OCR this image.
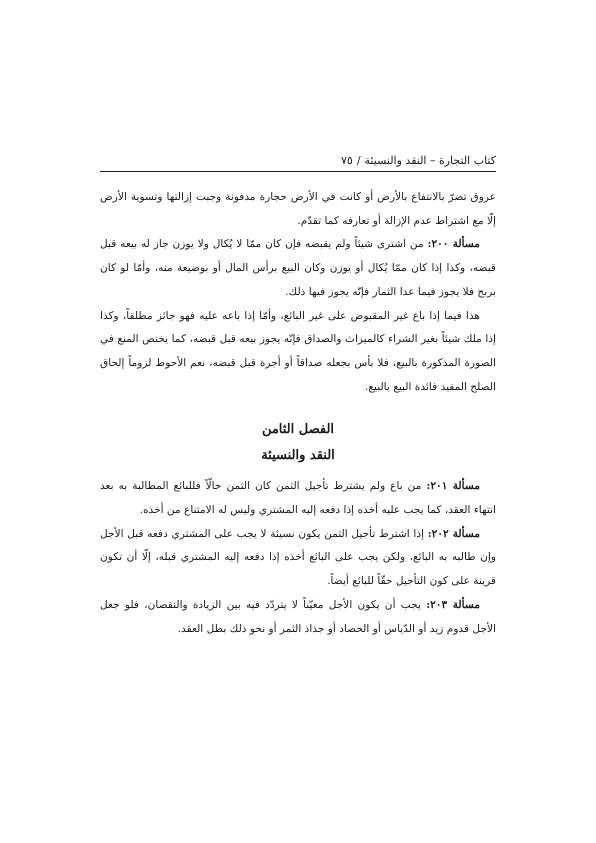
كتاب التجارة – النقد والنسيئة
/
٧٥

عروق تضرّ بالانتفاع بالأرض أو كانت في الأرض حجارة مدفونة وجبت إزالتها وتسوية الأرض إلّا مع اشتراط عدم الإزالة أو تعارفه كما تقدّم.

مسألة ٢٠٠: من اشترى شيئاً ولم يقبضه فإن كان ممّا لا يُكال ولا يوزن جاز له بيعه قبل قبضه، وكذا إذا كان ممّا يُكال أو يوزن وكان البيع برأس المال أو بوضيعة منه، وأمّا لو كان بربح فلا يجوز فيما عدا الثمار فإنّه يجوز فيها ذلك.

هذا فيما إذا باع غير المقبوض على غير البائع، وأمّا إذا باعه عليه فهو جائز مطلقاً، وكذا إذا ملك شيئاً بغير الشراء كالميراث والصداق فإنّه يجوز بيعه قبل قبضه، كما يختص المنع في الصورة المذكورة بالبيع، فلا بأس بجعله صداقاً أو أجرة قبل قبضه، نعم الأحوط لزوماً إلحاق الصلح المفيد فائدة البيع بالبيع.

الفصل الثامن
النقد والنسيئة

مسألة ٢٠١: من باع ولم يشترط تأجيل الثمن كان الثمن حالّاً فللبائع المطالبة به بعد انتهاء العقد، كما يجب عليه أخذه إذا دفعه إليه المشتري وليس له الامتناع من أخذه.

مسألة ٢٠٢: إذا اشترط تأجيل الثمن يكون نسيئة لا يجب على المشتري دفعه قبل الأجل وإن طالبه به البائع، ولكن يجب على البائع أخذه إذا دفعه إليه المشتري قبله، إلّا أن تكون قرينة على كون التأجيل حقّاً للبائع أيضاً.

مسألة ٢٠٣: يجب أن يكون الأجل معيّناً لا يتردّد فيه بين الزيادة والنقصان، فلو جعل الأجل قدوم زيد أو الدّياس أو الحصاد أو جذاذ الثمر أو نحو ذلك بطل العقد.
